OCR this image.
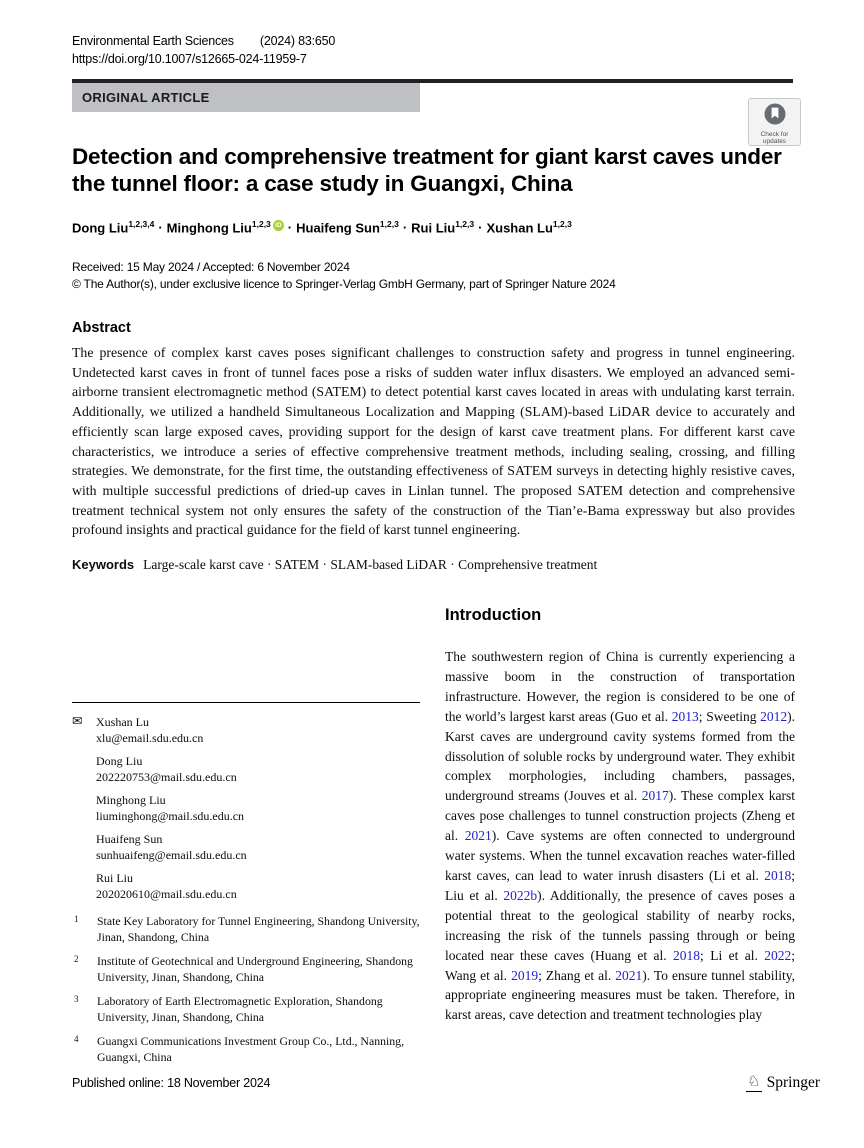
Environmental Earth Sciences (2024) 83:650
https://doi.org/10.1007/s12665-024-11959-7
ORIGINAL ARTICLE
Check for
updates
Detection and comprehensive treatment for giant karst caves under
the tunnel floor: a case study in Guangxi, China
Dong Liu$^{1,2,3,4}$ · Minghong Liu$^{1,2,3}$ iD · Huaifeng Sun$^{1,2,3}$ · Rui Liu$^{1,2,3}$ · Xushan Lu$^{1,2,3}$
Received: 15 May 2024 / Accepted: 6 November 2024
© The Author(s), under exclusive licence to Springer-Verlag GmbH Germany, part of Springer Nature 2024
Abstract
The presence of complex karst caves poses significant challenges to construction safety and progress in tunnel engineering. Undetected karst caves in front of tunnel faces pose a risks of sudden water influx disasters. We employed an advanced semi-airborne transient electromagnetic method (SATEM) to detect potential karst caves located in areas with undulating karst terrain. Additionally, we utilized a handheld Simultaneous Localization and Mapping (SLAM)-based LiDAR device to accurately and efficiently scan large exposed caves, providing support for the design of karst cave treatment plans. For different karst cave characteristics, we introduce a series of effective comprehensive treatment methods, including sealing, crossing, and filling strategies. We demonstrate, for the first time, the outstanding effectiveness of SATEM surveys in detecting highly resistive caves, with multiple successful predictions of dried-up caves in Linlan tunnel. The proposed SATEM detection and comprehensive treatment technical system not only ensures the safety of the construction of the Tian’e-Bama expressway but also provides profound insights and practical guidance for the field of karst tunnel engineering.
Keywords Large-scale karst cave · SATEM · SLAM-based LiDAR · Comprehensive treatment
✉ Xushan Lu
xlu@email.sdu.edu.cn
Dong Liu
202220753@mail.sdu.edu.cn
Minghong Liu
liuminghong@mail.sdu.edu.cn
Huaifeng Sun
sunhuaifeng@email.sdu.edu.cn
Rui Liu
202020610@mail.sdu.edu.cn
1 State Key Laboratory for Tunnel Engineering, Shandong University, Jinan, Shandong, China
2 Institute of Geotechnical and Underground Engineering, Shandong University, Jinan, Shandong, China
3 Laboratory of Earth Electromagnetic Exploration, Shandong University, Jinan, Shandong, China
4 Guangxi Communications Investment Group Co., Ltd., Nanning, Guangxi, China
Introduction
The southwestern region of China is currently experiencing a massive boom in the construction of transportation infrastructure. However, the region is considered to be one of the world’s largest karst areas (Guo et al. 2013; Sweeting 2012). Karst caves are underground cavity systems formed from the dissolution of soluble rocks by underground water. They exhibit complex morphologies, including chambers, passages, underground streams (Jouves et al. 2017). These complex karst caves pose challenges to tunnel construction projects (Zheng et al. 2021). Cave systems are often connected to underground water systems. When the tunnel excavation reaches water-filled karst caves, can lead to water inrush disasters (Li et al. 2018; Liu et al. 2022b). Additionally, the presence of caves poses a potential threat to the geological stability of nearby rocks, increasing the risk of the tunnels passing through or being located near these caves (Huang et al. 2018; Li et al. 2022; Wang et al. 2019; Zhang et al. 2021). To ensure tunnel stability, appropriate engineering measures must be taken. Therefore, in karst areas, cave detection and treatment technologies play
Published online: 18 November 2024	♘ Springer
